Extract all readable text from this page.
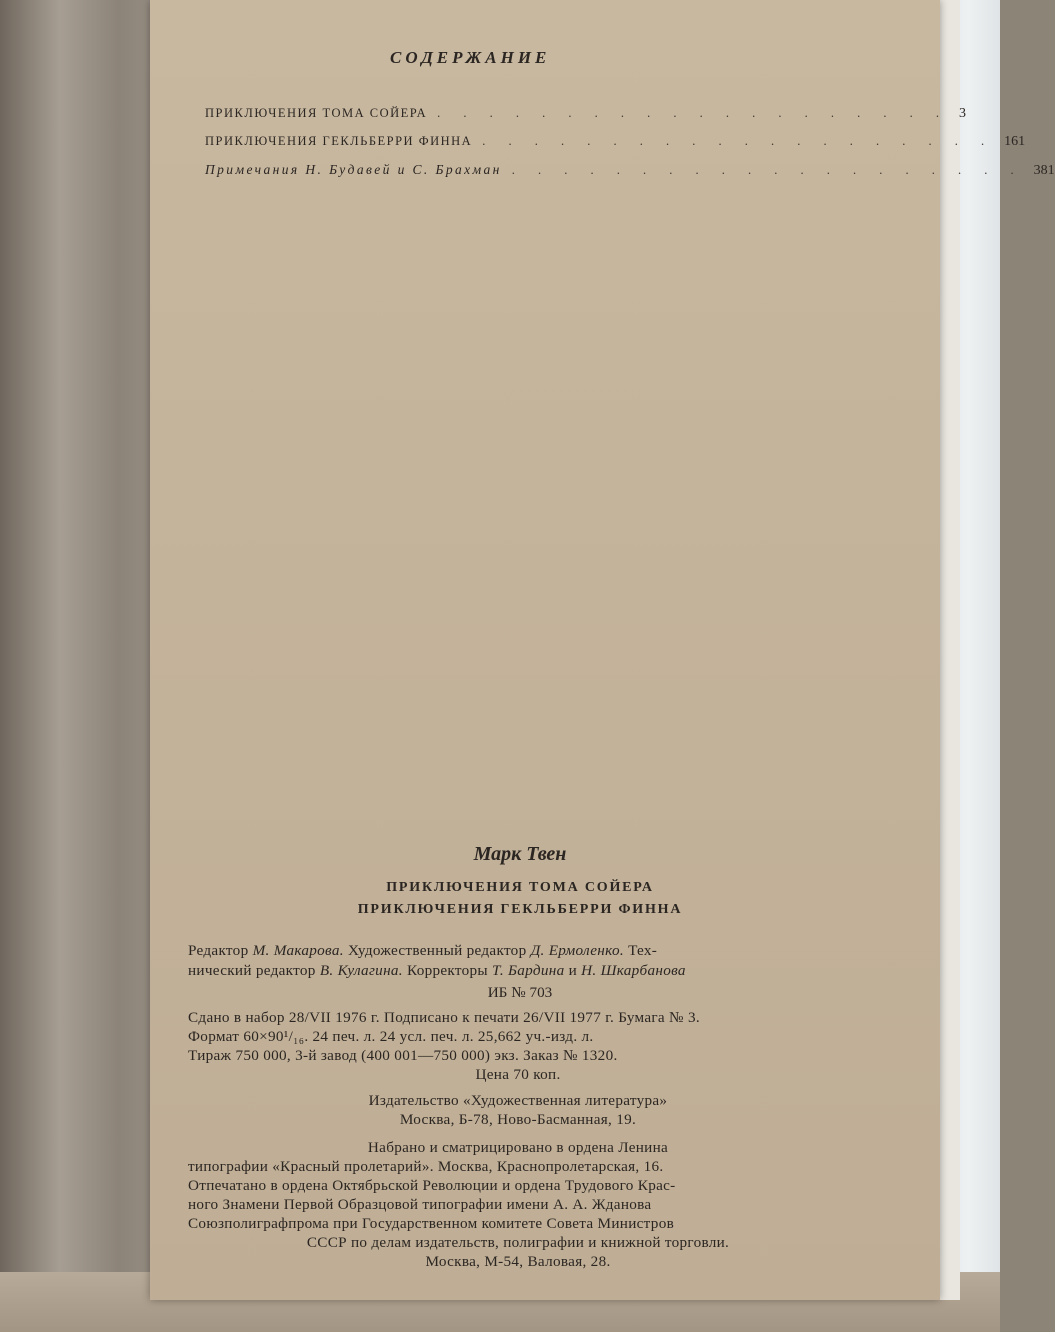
СОДЕРЖАНИЕ
ПРИКЛЮЧЕНИЯ ТОМА СОЙЕРА . . . . . . . . . . . . . . . . . . . . 3
ПРИКЛЮЧЕНИЯ ГЕКЛЬБЕРРИ ФИННА . . . . . . . . . . . . . . . . . . . . 161
Примечания Н. Будавей и С. Брахман . . . . . . . . . . . . . . . . . . . . 381
Марк Твен
ПРИКЛЮЧЕНИЯ ТОМА СОЙЕРА
ПРИКЛЮЧЕНИЯ ГЕКЛЬБЕРРИ ФИННА
Редактор М. Макарова. Художественный редактор Д. Ермоленко. Тех-
нический редактор В. Кулагина. Корректоры Т. Бардина и Н. Шкарбанова
ИБ № 703
Сдано в набор 28/VII 1976 г. Подписано к печати 26/VII 1977 г. Бумага № 3.
Формат 60×90¹/₁₆. 24 печ. л. 24 усл. печ. л. 25,662 уч.-изд. л.
Тираж 750 000, 3-й завод (400 001—750 000) экз. Заказ № 1320.
Цена 70 коп.
Издательство «Художественная литература»
Москва, Б-78, Ново-Басманная, 19.
Набрано и сматрицировано в ордена Ленина
типографии «Красный пролетарий». Москва, Краснопролетарская, 16.
Отпечатано в ордена Октябрьской Революции и ордена Трудового Крас-
ного Знамени Первой Образцовой типографии имени А. А. Жданова
Союзполиграфпрома при Государственном комитете Совета Министров
СССР по делам издательств, полиграфии и книжной торговли.
Москва, М-54, Валовая, 28.
